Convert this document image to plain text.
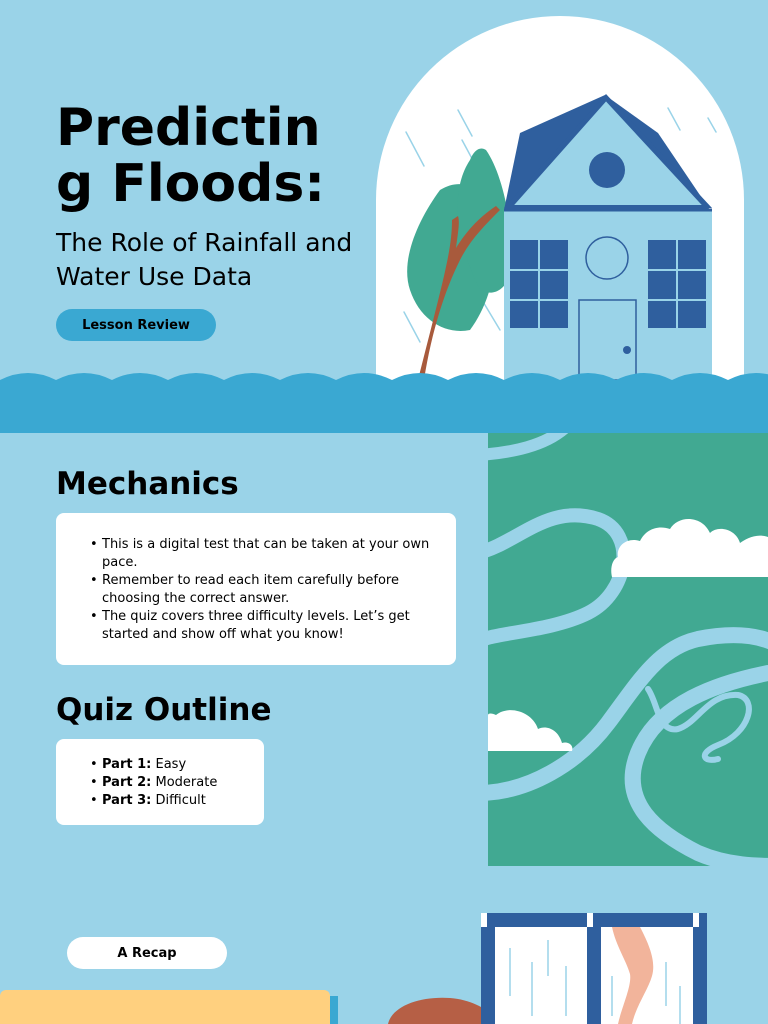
Predicting Floods:

The Role of Rainfall and Water Use Data

Lesson Review
Mechanics
• This is a digital test that can be taken at your own pace.
• Remember to read each item carefully before choosing the correct answer.
• The quiz covers three difficulty levels. Let’s get started and show off what you know!
Quiz Outline
• Part 1: Easy
• Part 2: Moderate
• Part 3: Difficult
A Recap
